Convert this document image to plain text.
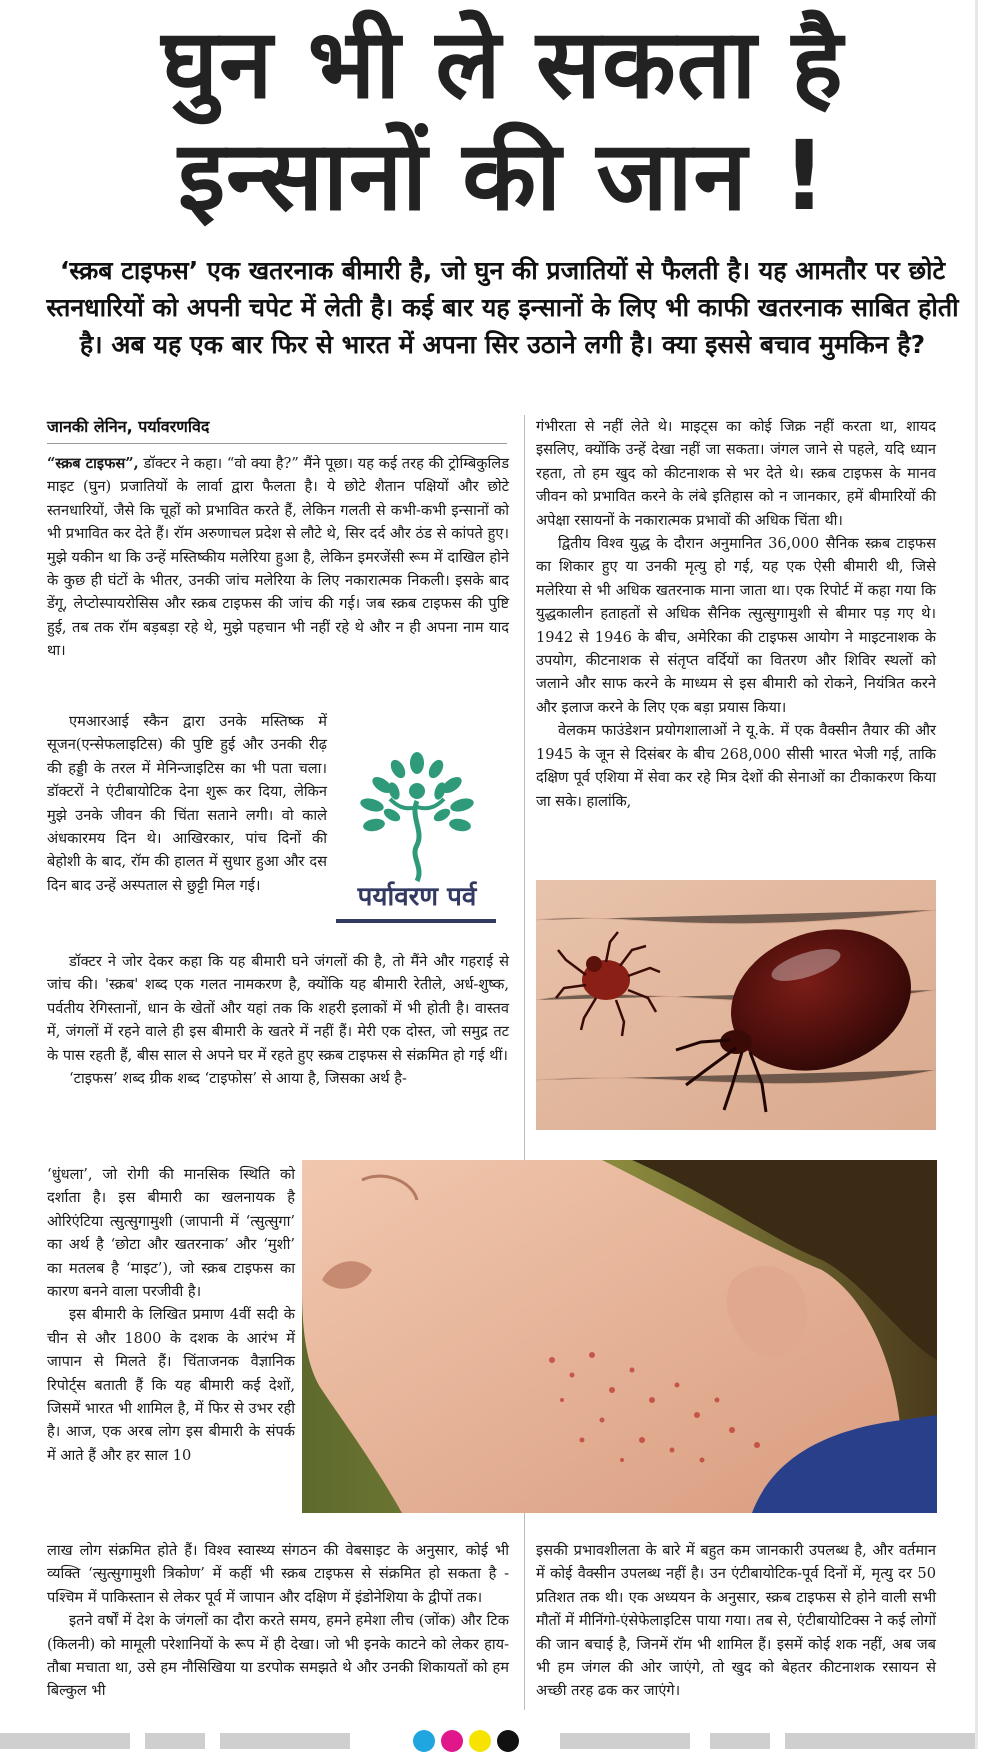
घुन भी ले सकता है
इन्सानों की जान !
‘स्क्रब टाइफस’ एक खतरनाक बीमारी है, जो घुन की प्रजातियों से फैलती है। यह आमतौर पर छोटे स्तनधारियों को अपनी चपेट में लेती है। कई बार यह इन्सानों के लिए भी काफी खतरनाक साबित होती है। अब यह एक बार फिर से भारत में अपना सिर उठाने लगी है। क्या इससे बचाव मुमकिन है?
जानकी लेनिन, पर्यावरणविद

“स्क्रब टाइफस”, डॉक्टर ने कहा। “वो क्या है?” मैंने पूछा। यह कई तरह की ट्रोम्बिकुलिड माइट (घुन) प्रजातियों के लार्वा द्वारा फैलता है। ये छोटे शैतान पक्षियों और छोटे स्तनधारियों, जैसे कि चूहों को प्रभावित करते हैं, लेकिन गलती से कभी-कभी इन्सानों को भी प्रभावित कर देते हैं। रॉम अरुणाचल प्रदेश से लौटे थे, सिर दर्द और ठंड से कांपते हुए। मुझे यकीन था कि उन्हें मस्तिष्कीय मलेरिया हुआ है, लेकिन इमरजेंसी रूम में दाखिल होने के कुछ ही घंटों के भीतर, उनकी जांच मलेरिया के लिए नकारात्मक निकली। इसके बाद डेंगू, लेप्टोस्पायरोसिस और स्क्रब टाइफस की जांच की गई। जब स्क्रब टाइफस की पुष्टि हुई, तब तक रॉम बड़बड़ा रहे थे, मुझे पहचान भी नहीं रहे थे और न ही अपना नाम याद था।

एमआरआई स्कैन द्वारा उनके मस्तिष्क में सूजन(एन्सेफलाइटिस) की पुष्टि हुई और उनकी रीढ़ की हड्डी के तरल में मेनिन्जाइटिस का भी पता चला। डॉक्टरों ने एंटीबायोटिक देना शुरू कर दिया, लेकिन मुझे उनके जीवन की चिंता सताने लगी। वो काले अंधकारमय दिन थे। आखिरकार, पांच दिनों की बेहोशी के बाद, रॉम की हालत में सुधार हुआ और दस दिन बाद उन्हें अस्पताल से छुट्टी मिल गई।

डॉक्टर ने जोर देकर कहा कि यह बीमारी घने जंगलों की है, तो मैंने और गहराई से जांच की। 'स्क्रब' शब्द एक गलत नामकरण है, क्योंकि यह बीमारी रेतीले, अर्ध-शुष्क, पर्वतीय रेगिस्तानों, धान के खेतों और यहां तक कि शहरी इलाकों में भी होती है। वास्तव में, जंगलों में रहने वाले ही इस बीमारी के खतरे में नहीं हैं। मेरी एक दोस्त, जो समुद्र तट के पास रहती हैं, बीस साल से अपने घर में रहते हुए स्क्रब टाइफस से संक्रमित हो गई थीं।

‘टाइफस’ शब्द ग्रीक शब्द ‘टाइफोस’ से आया है, जिसका अर्थ है-

‘धुंधला’, जो रोगी की मानसिक स्थिति को दर्शाता है। इस बीमारी का खलनायक है ओरिएंटिया त्सुत्सुगामुशी (जापानी में ‘त्सुत्सुगा’ का अर्थ है ‘छोटा और खतरनाक’ और ‘मुशी’ का मतलब है ‘माइट’), जो स्क्रब टाइफस का कारण बनने वाला परजीवी है।

इस बीमारी के लिखित प्रमाण 4वीं सदी के चीन से और 1800 के दशक के आरंभ में जापान से मिलते हैं। चिंताजनक वैज्ञानिक रिपोर्ट्स बताती हैं कि यह बीमारी कई देशों, जिसमें भारत भी शामिल है, में फिर से उभर रही है। आज, एक अरब लोग इस बीमारी के संपर्क में आते हैं और हर साल 10

लाख लोग संक्रमित होते हैं। विश्व स्वास्थ्य संगठन की वेबसाइट के अनुसार, कोई भी व्यक्ति ‘त्सुत्सुगामुशी त्रिकोण’ में कहीं भी स्क्रब टाइफस से संक्रमित हो सकता है - पश्चिम में पाकिस्तान से लेकर पूर्व में जापान और दक्षिण में इंडोनेशिया के द्वीपों तक।

इतने वर्षों में देश के जंगलों का दौरा करते समय, हमने हमेशा लीच (जोंक) और टिक (किलनी) को मामूली परेशानियों के रूप में ही देखा। जो भी इनके काटने को लेकर हाय-तौबा मचाता था, उसे हम नौसिखिया या डरपोक समझते थे और उनकी शिकायतों को हम बिल्कुल भी

गंभीरता से नहीं लेते थे। माइट्स का कोई जिक्र नहीं करता था, शायद इसलिए, क्योंकि उन्हें देखा नहीं जा सकता। जंगल जाने से पहले, यदि ध्यान रहता, तो हम खुद को कीटनाशक से भर देते थे। स्क्रब टाइफस के मानव जीवन को प्रभावित करने के लंबे इतिहास को न जानकार, हमें बीमारियों की अपेक्षा रसायनों के नकारात्मक प्रभावों की अधिक चिंता थी।

द्वितीय विश्व युद्ध के दौरान अनुमानित 36,000 सैनिक स्क्रब टाइफस का शिकार हुए या उनकी मृत्यु हो गई, यह एक ऐसी बीमारी थी, जिसे मलेरिया से भी अधिक खतरनाक माना जाता था। एक रिपोर्ट में कहा गया कि युद्धकालीन हताहतों से अधिक सैनिक त्सुत्सुगामुशी से बीमार पड़ गए थे। 1942 से 1946 के बीच, अमेरिका की टाइफस आयोग ने माइटनाशक के उपयोग, कीटनाशक से संतृप्त वर्दियों का वितरण और शिविर स्थलों को जलाने और साफ करने के माध्यम से इस बीमारी को रोकने, नियंत्रित करने और इलाज करने के लिए एक बड़ा प्रयास किया।

वेलकम फाउंडेशन प्रयोगशालाओं ने यू.के. में एक वैक्सीन तैयार की और 1945 के जून से दिसंबर के बीच 268,000 सीसी भारत भेजी गई, ताकि दक्षिण पूर्व एशिया में सेवा कर रहे मित्र देशों की सेनाओं का टीकाकरण किया जा सके। हालांकि,

इसकी प्रभावशीलता के बारे में बहुत कम जानकारी उपलब्ध है, और वर्तमान में कोई वैक्सीन उपलब्ध नहीं है। उन एंटीबायोटिक-पूर्व दिनों में, मृत्यु दर 50 प्रतिशत तक थी। एक अध्ययन के अनुसार, स्क्रब टाइफस से होने वाली सभी मौतों में मीनिंगो-एंसेफेलाइटिस पाया गया। तब से, एंटीबायोटिक्स ने कई लोगों की जान बचाई है, जिनमें रॉम भी शामिल हैं। इसमें कोई शक नहीं, अब जब भी हम जंगल की ओर जाएंगे, तो खुद को बेहतर कीटनाशक रसायन से अच्छी तरह ढक कर जाएंगे।

पर्यावरण पर्व
